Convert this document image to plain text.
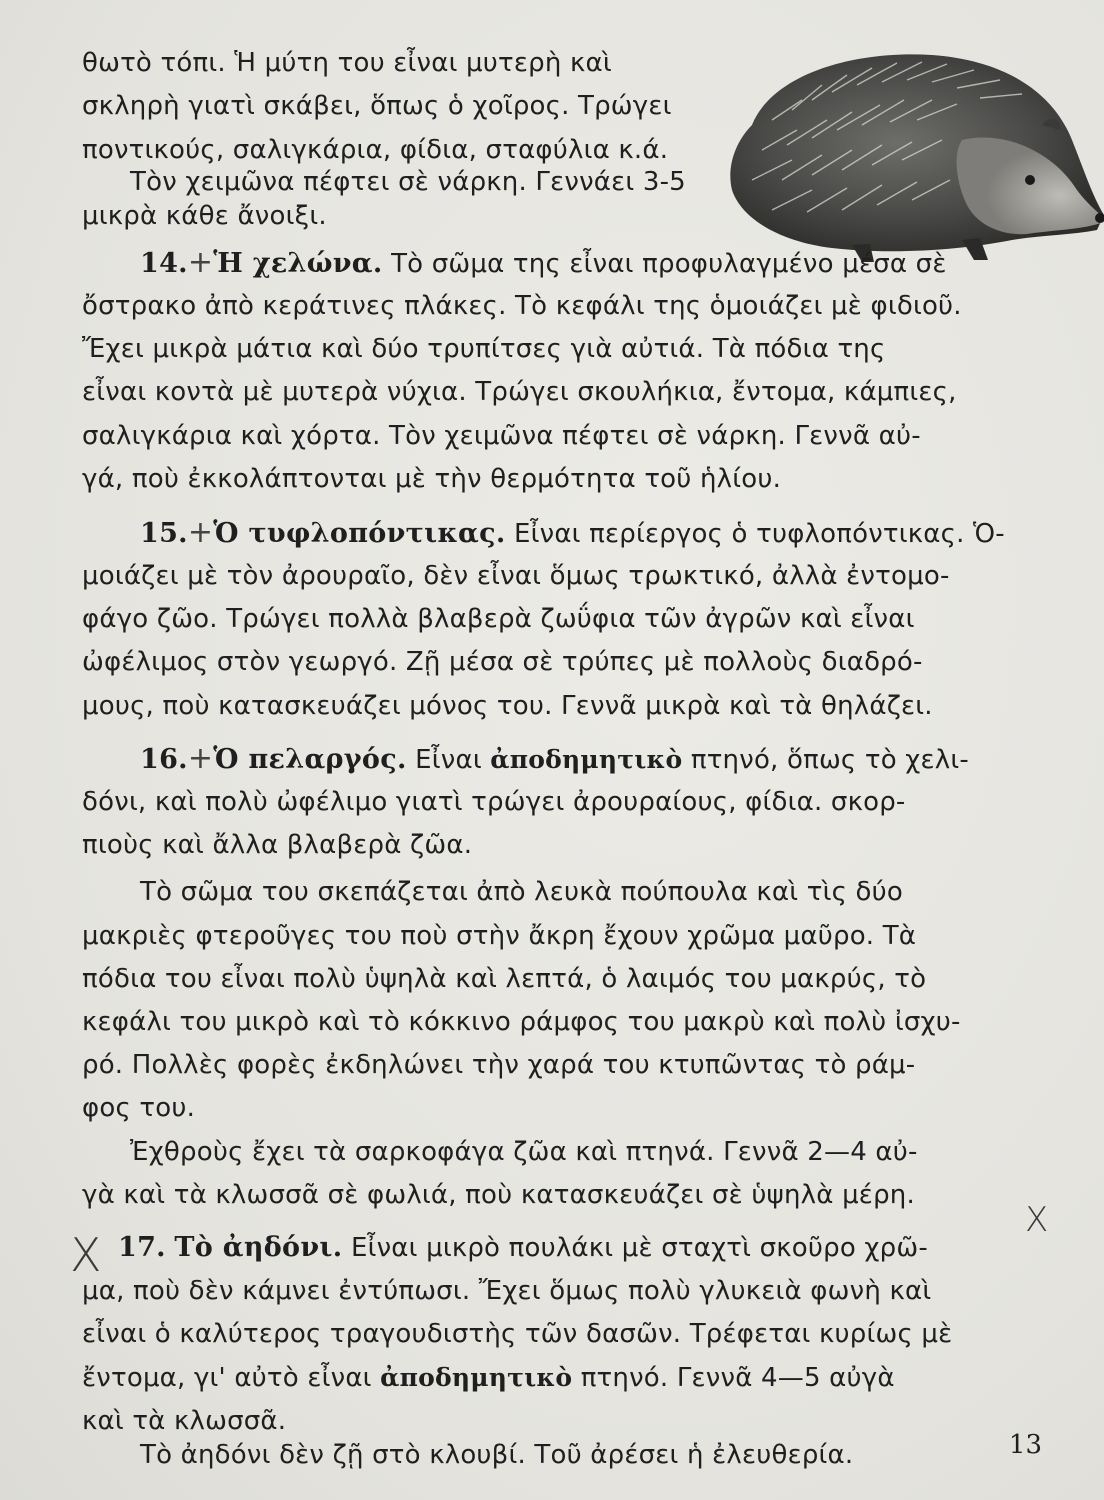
θωτὸ τόπι. Ἡ μύτη του εἶναι μυτερὴ καὶ
σκληρὴ γιατὶ σκάβει, ὅπως ὁ χοῖρος. Τρώγει
ποντικούς, σαλιγκάρια, φίδια, σταφύλια κ.ά.
Τὸν χειμῶνα πέφτει σὲ νάρκη. Γεννάει 3-5
μικρὰ κάθε ἄνοιξι.
14.+Ἡ χελώνα. Τὸ σῶμα της εἶναι προφυλαγμένο μέσα σὲ
ὄστρακο ἀπὸ κεράτινες πλάκες. Τὸ κεφάλι της ὁμοιάζει μὲ φιδιοῦ.
Ἔχει μικρὰ μάτια καὶ δύο τρυπίτσες γιὰ αὐτιά. Τὰ πόδια της
εἶναι κοντὰ μὲ μυτερὰ νύχια. Τρώγει σκουλήκια, ἔντομα, κάμπιες,
σαλιγκάρια καὶ χόρτα. Τὸν χειμῶνα πέφτει σὲ νάρκη. Γεννᾶ αὐ-
γά, ποὺ ἐκκολάπτονται μὲ τὴν θερμότητα τοῦ ἡλίου.
15.+Ὁ τυφλοπόντικας. Εἶναι περίεργος ὁ τυφλοπόντικας. Ὁ-
μοιάζει μὲ τὸν ἀρουραῖο, δὲν εἶναι ὅμως τρωκτικό, ἀλλὰ ἐντομο-
φάγο ζῶο. Τρώγει πολλὰ βλαβερὰ ζωΰφια τῶν ἀγρῶν καὶ εἶναι
ὠφέλιμος στὸν γεωργό. Ζῇ μέσα σὲ τρύπες μὲ πολλοὺς διαδρό-
μους, ποὺ κατασκευάζει μόνος του. Γεννᾶ μικρὰ καὶ τὰ θηλάζει.
16.+Ὁ πελαργός. Εἶναι ἀποδημητικὸ πτηνό, ὅπως τὸ χελι-
δόνι, καὶ πολὺ ὠφέλιμο γιατὶ τρώγει ἀρουραίους, φίδια. σκορ-
πιοὺς καὶ ἄλλα βλαβερὰ ζῶα.
Τὸ σῶμα του σκεπάζεται ἀπὸ λευκὰ πούπουλα καὶ τὶς δύο
μακριὲς φτεροῦγες του ποὺ στὴν ἄκρη ἔχουν χρῶμα μαῦρο. Τὰ
πόδια του εἶναι πολὺ ὑψηλὰ καὶ λεπτά, ὁ λαιμός του μακρύς, τὸ
κεφάλι του μικρὸ καὶ τὸ κόκκινο ράμφος του μακρὺ καὶ πολὺ ἰσχυ-
ρό. Πολλὲς φορὲς ἐκδηλώνει τὴν χαρά του κτυπῶντας τὸ ράμ-
φος του.
Ἐχθροὺς ἔχει τὰ σαρκοφάγα ζῶα καὶ πτηνά. Γεννᾶ 2—4 αὐ-
γὰ καὶ τὰ κλωσσᾶ σὲ φωλιά, ποὺ κατασκευάζει σὲ ὑψηλὰ μέρη.
X
X
17. Τὸ ἀηδόνι. Εἶναι μικρὸ πουλάκι μὲ σταχτὶ σκοῦρο χρῶ-
μα, ποὺ δὲν κάμνει ἐντύπωσι. Ἔχει ὅμως πολὺ γλυκειὰ φωνὴ καὶ
εἶναι ὁ καλύτερος τραγουδιστὴς τῶν δασῶν. Τρέφεται κυρίως μὲ
ἔντομα, γι' αὐτὸ εἶναι ἀποδημητικὸ πτηνό. Γεννᾶ 4—5 αὐγὰ
καὶ τὰ κλωσσᾶ.
Τὸ ἀηδόνι δὲν ζῇ στὸ κλουβί. Τοῦ ἀρέσει ἡ ἐλευθερία.	13
